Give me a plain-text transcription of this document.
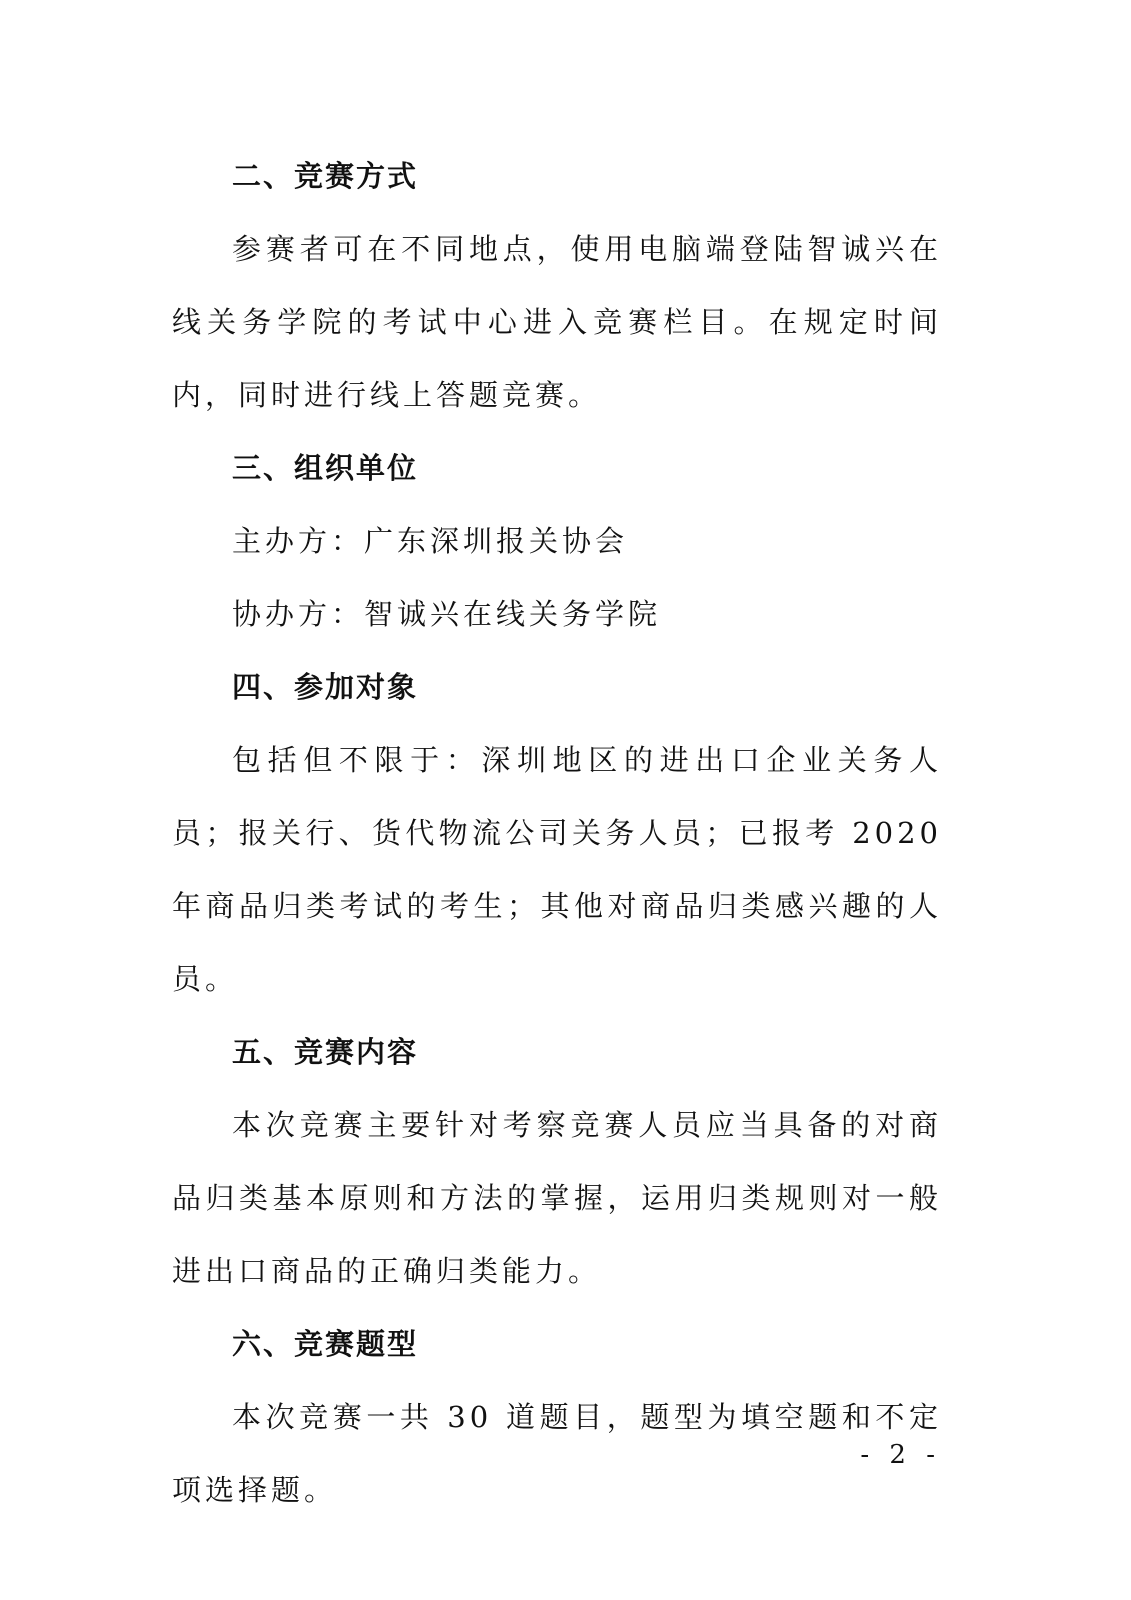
二、竞赛方式

参赛者可在不同地点，使用电脑端登陆智诚兴在线关务学院的考试中心进入竞赛栏目。在规定时间内，同时进行线上答题竞赛。

三、组织单位

主办方：广东深圳报关协会

协办方：智诚兴在线关务学院

四、参加对象

包括但不限于：深圳地区的进出口企业关务人员；报关行、货代物流公司关务人员；已报考 2020 年商品归类考试的考生；其他对商品归类感兴趣的人员。

五、竞赛内容

本次竞赛主要针对考察竞赛人员应当具备的对商品归类基本原则和方法的掌握，运用归类规则对一般进出口商品的正确归类能力。

六、竞赛题型

本次竞赛一共 30 道题目，题型为填空题和不定项选择题。

- 2 -
